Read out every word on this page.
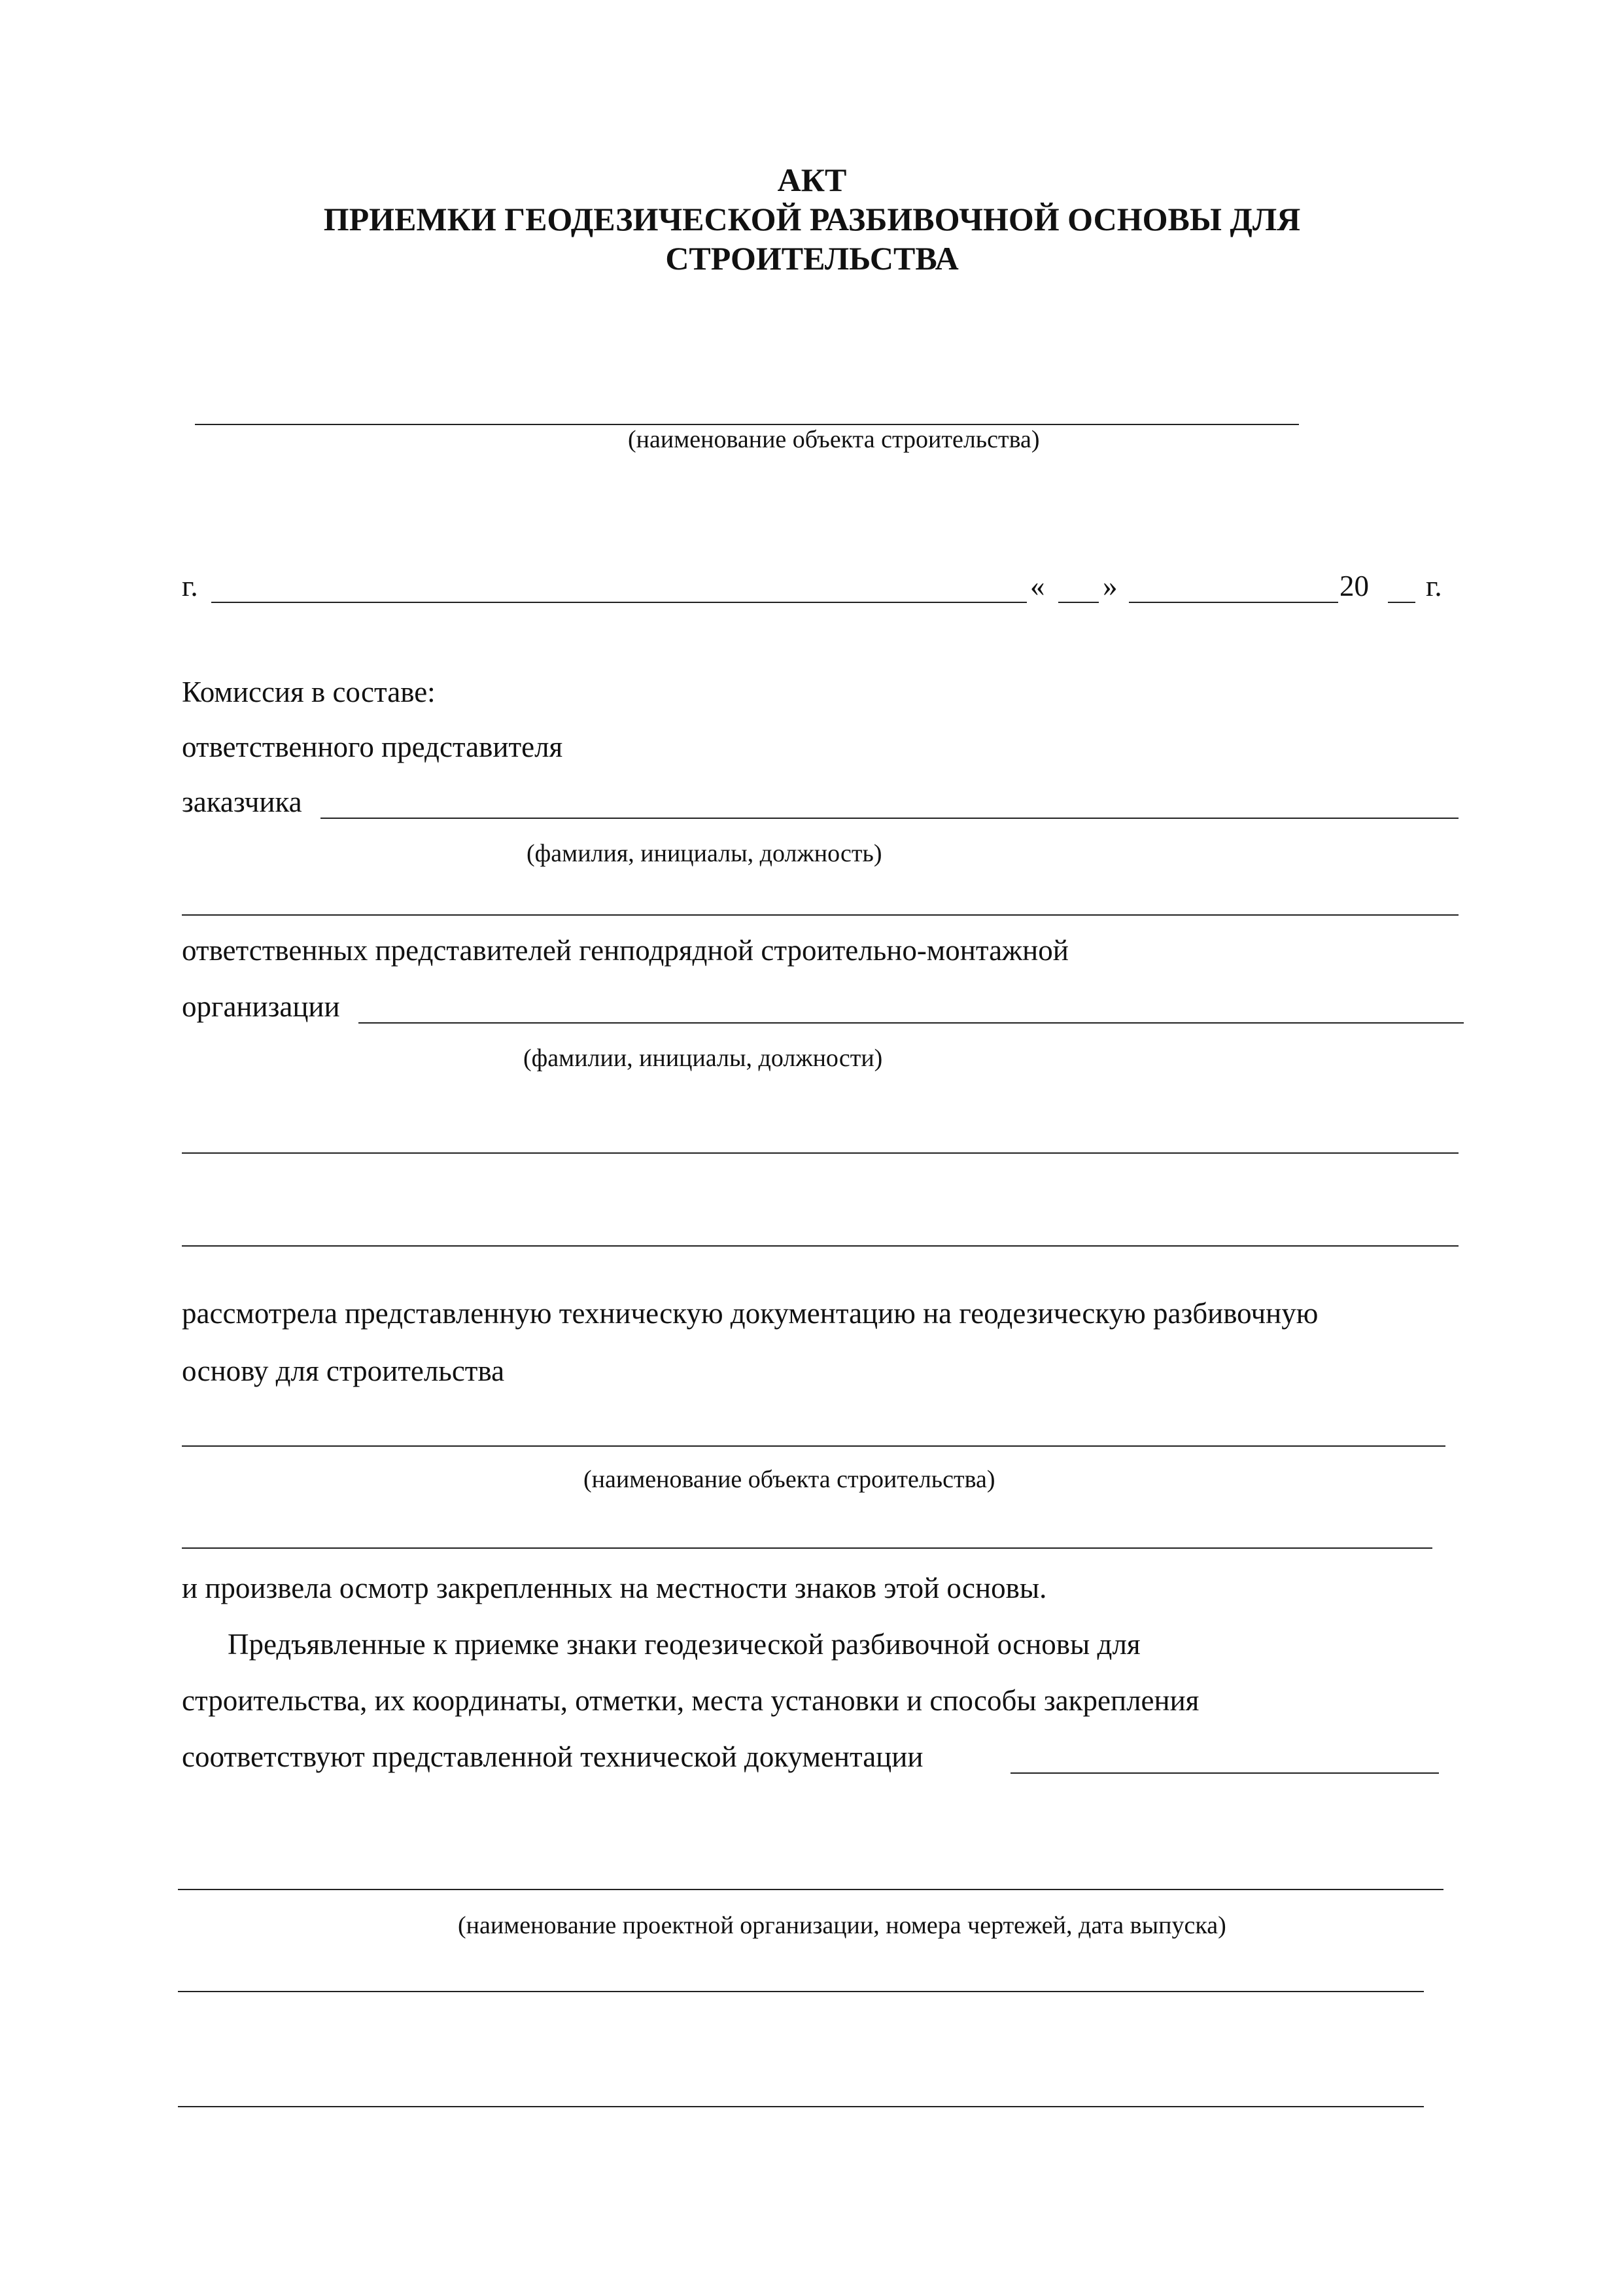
АКТ
ПРИЕМКИ ГЕОДЕЗИЧЕСКОЙ РАЗБИВОЧНОЙ ОСНОВЫ ДЛЯ
СТРОИТЕЛЬСТВА
(наименование объекта строительства)
г.	« »	20 г.
Комиссия в составе:
ответственного представителя
заказчика
(фамилия, инициалы, должность)
ответственных представителей генподрядной строительно-монтажной
организации
(фамилии, инициалы, должности)
рассмотрела представленную техническую документацию на геодезическую разбивочную
основу для строительства
(наименование объекта строительства)
и произвела осмотр закрепленных на местности знаков этой основы.
Предъявленные к приемке знаки геодезической разбивочной основы для
строительства, их координаты, отметки, места установки и способы закрепления
соответствуют представленной технической документации
(наименование проектной организации, номера чертежей, дата выпуска)
